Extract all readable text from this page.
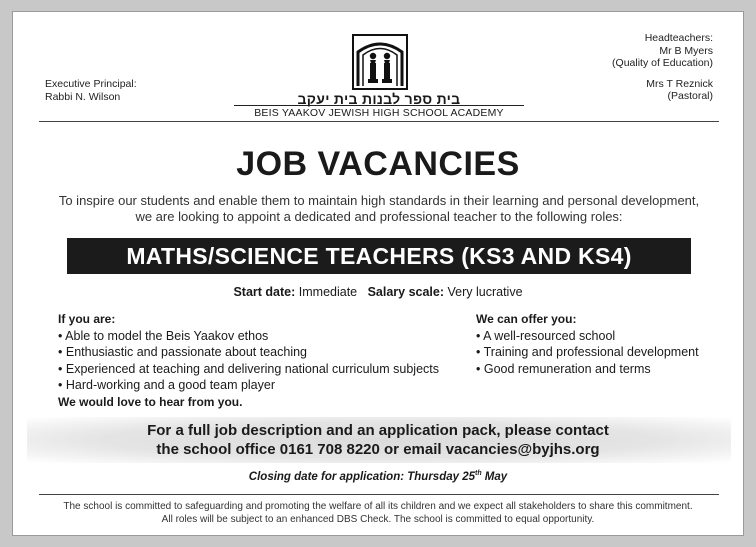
Executive Principal:
Rabbi N. Wilson
Headteachers:
Mr B Myers
(Quality of Education)
Mrs T Reznick
(Pastoral)
בית ספר לבנות בית יעקב
BEIS YAAKOV JEWISH HIGH SCHOOL ACADEMY
JOB VACANCIES
To inspire our students and enable them to maintain high standards in their learning and personal development, we are looking to appoint a dedicated and professional teacher to the following roles:
MATHS/SCIENCE TEACHERS (KS3 AND KS4)
Start date: Immediate Salary scale: Very lucrative
If you are:
• Able to model the Beis Yaakov ethos
• Enthusiastic and passionate about teaching
• Experienced at teaching and delivering national curriculum subjects
• Hard-working and a good team player
We would love to hear from you.
We can offer you:
• A well-resourced school
• Training and professional development
• Good remuneration and terms
For a full job description and an application pack, please contact
the school office 0161 708 8220 or email vacancies@byjhs.org
Closing date for application: Thursday 25th May
The school is committed to safeguarding and promoting the welfare of all its children and we expect all stakeholders to share this commitment.
All roles will be subject to an enhanced DBS Check. The school is committed to equal opportunity.
